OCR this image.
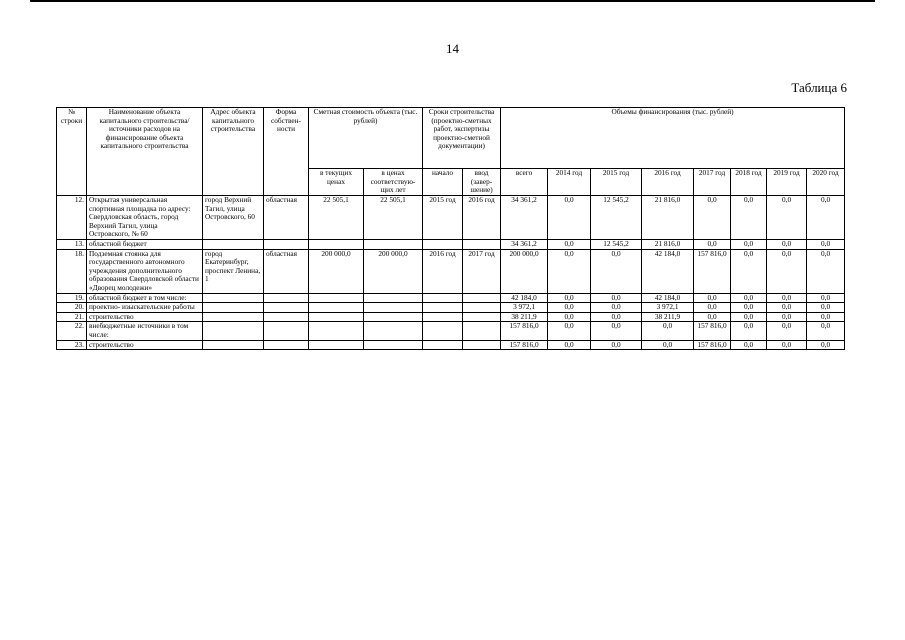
14
Таблица 6
№ строки	Наименование объекта капитального строительства/ источники расходов на финансирование объекта капитального строительства	Адрес объекта капитального строительства	Форма собствен-ности	Сметная стоимость объекта (тыс. рублей)		Сроки строительства (проектно-сметных работ, экспертизы проектно-сметной документации)		Объемы финансирования (тыс. рублей)							
				в текущих ценах	в ценах соответствую-щих лет	начало	ввод (завер-шение)	всего	2014 год	2015 год	2016 год	2017 год	2018 год	2019 год	2020 год
12.	Открытая универсальная спортивная площадка по адресу: Свердловская область, город Верхний Тагил, улица Островского, № 60	город Верхний Тагил, улица Островского, 60	областная	22 505,1	22 505,1	2015 год	2016 год	34 361,2	0,0	12 545,2	21 816,0	0,0	0,0	0,0	0,0
13.	областной бюджет							34 361,2	0,0	12 545,2	21 816,0	0,0	0,0	0,0	0,0
18.	Подземная стоянка для государственного автономного учреждения дополнительного образования Свердловской области «Дворец молодежи»	город Екатеринбург, проспект Ленина, 1	областная	200 000,0	200 000,0	2016 год	2017 год	200 000,0	0,0	0,0	42 184,0	157 816,0	0,0	0,0	0,0
19.	областной бюджет в том числе:							42 184,0	0,0	0,0	42 184,0	0,0	0,0	0,0	0,0
20.	проектно- изыскательские работы							3 972,1	0,0	0,0	3 972,1	0,0	0,0	0,0	0,0
21.	строительство							38 211,9	0,0	0,0	38 211,9	0,0	0,0	0,0	0,0
22.	внебюджетные источники в том числе:							157 816,0	0,0	0,0	0,0	157 816,0	0,0	0,0	0,0
23.	строительство							157 816,0	0,0	0,0	0,0	157 816,0	0,0	0,0	0,0
